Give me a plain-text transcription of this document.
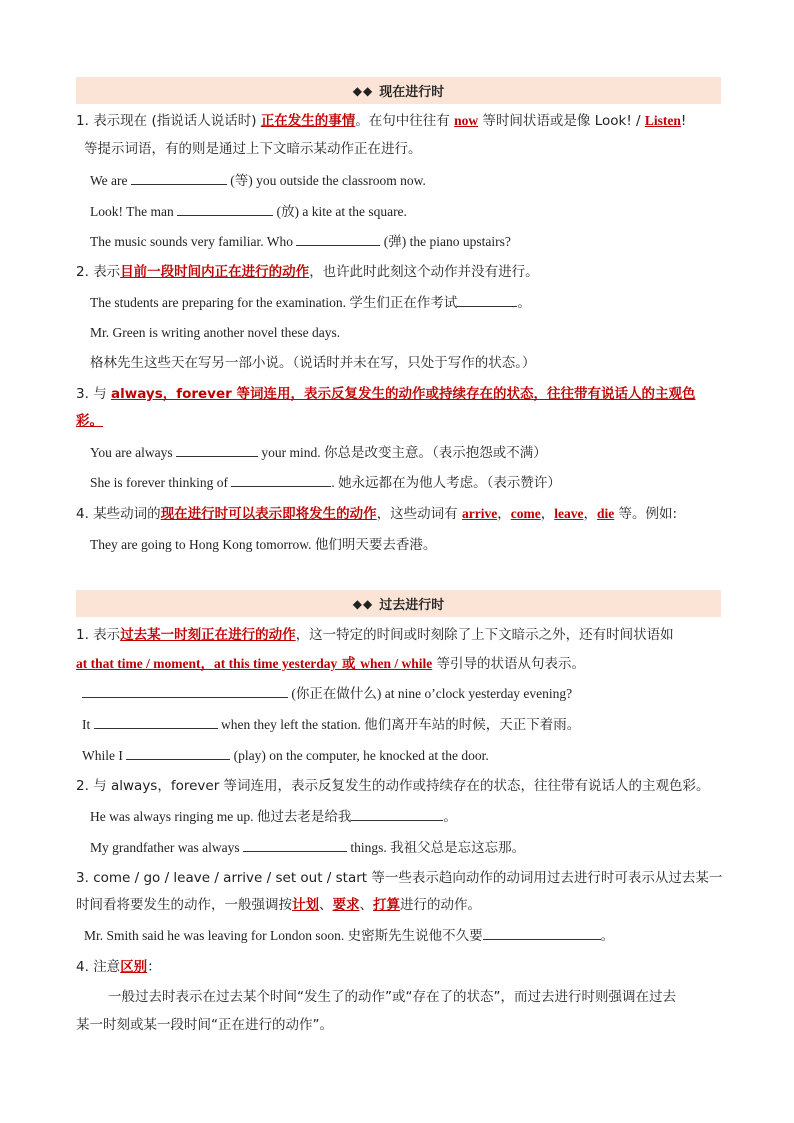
◆◆ 现在进行时
1. 表示现在 (指说话人说话时) 正在发生的事情。在句中往往有 now 等时间状语或是像 Look! / Listen!
等提示词语，有的则是通过上下文暗示某动作正在进行。
We are	(等) you outside the classroom now.
Look! The man	(放) a kite at the square.
The music sounds very familiar. Who	(弹) the piano upstairs?
2. 表示目前一段时间内正在进行的动作，也许此时此刻这个动作并没有进行。
The students are preparing for the examination. 学生们正在作考试	。
Mr. Green is writing another novel these days.
格林先生这些天在写另一部小说。（说话时并未在写，只处于写作的状态。）
3. 与 always，forever 等词连用，表示反复发生的动作或持续存在的状态，往往带有说话人的主观色
彩。
You are always	your mind. 你总是改变主意。（表示抱怨或不满）
She is forever thinking of	. 她永远都在为他人考虑。（表示赞许）
4. 某些动词的现在进行时可以表示即将发生的动作，这些动词有 arrive，come，leave，die 等。例如:
They are going to Hong Kong tomorrow. 他们明天要去香港。
◆◆ 过去进行时
1. 表示过去某一时刻正在进行的动作，这一特定的时间或时刻除了上下文暗示之外，还有时间状语如
at that time / moment，at this time yesterday 或 when / while 等引导的状语从句表示。
(你正在做什么) at nine o’clock yesterday evening?
It	when they left the station. 他们离开车站的时候，天正下着雨。
While I	(play) on the computer, he knocked at the door.
2. 与 always，forever 等词连用，表示反复发生的动作或持续存在的状态，往往带有说话人的主观色彩。
He was always ringing me up. 他过去老是给我	。
My grandfather was always	things. 我祖父总是忘这忘那。
3. come / go / leave / arrive / set out / start 等一些表示趋向动作的动词用过去进行时可表示从过去某一
时间看将要发生的动作，一般强调按计划、要求、打算进行的动作。
Mr. Smith said he was leaving for London soon. 史密斯先生说他不久要	。
4. 注意区别：
一般过去时表示在过去某个时间“发生了的动作”或“存在了的状态”，而过去进行时则强调在过去
某一时刻或某一段时间“正在进行的动作”。
